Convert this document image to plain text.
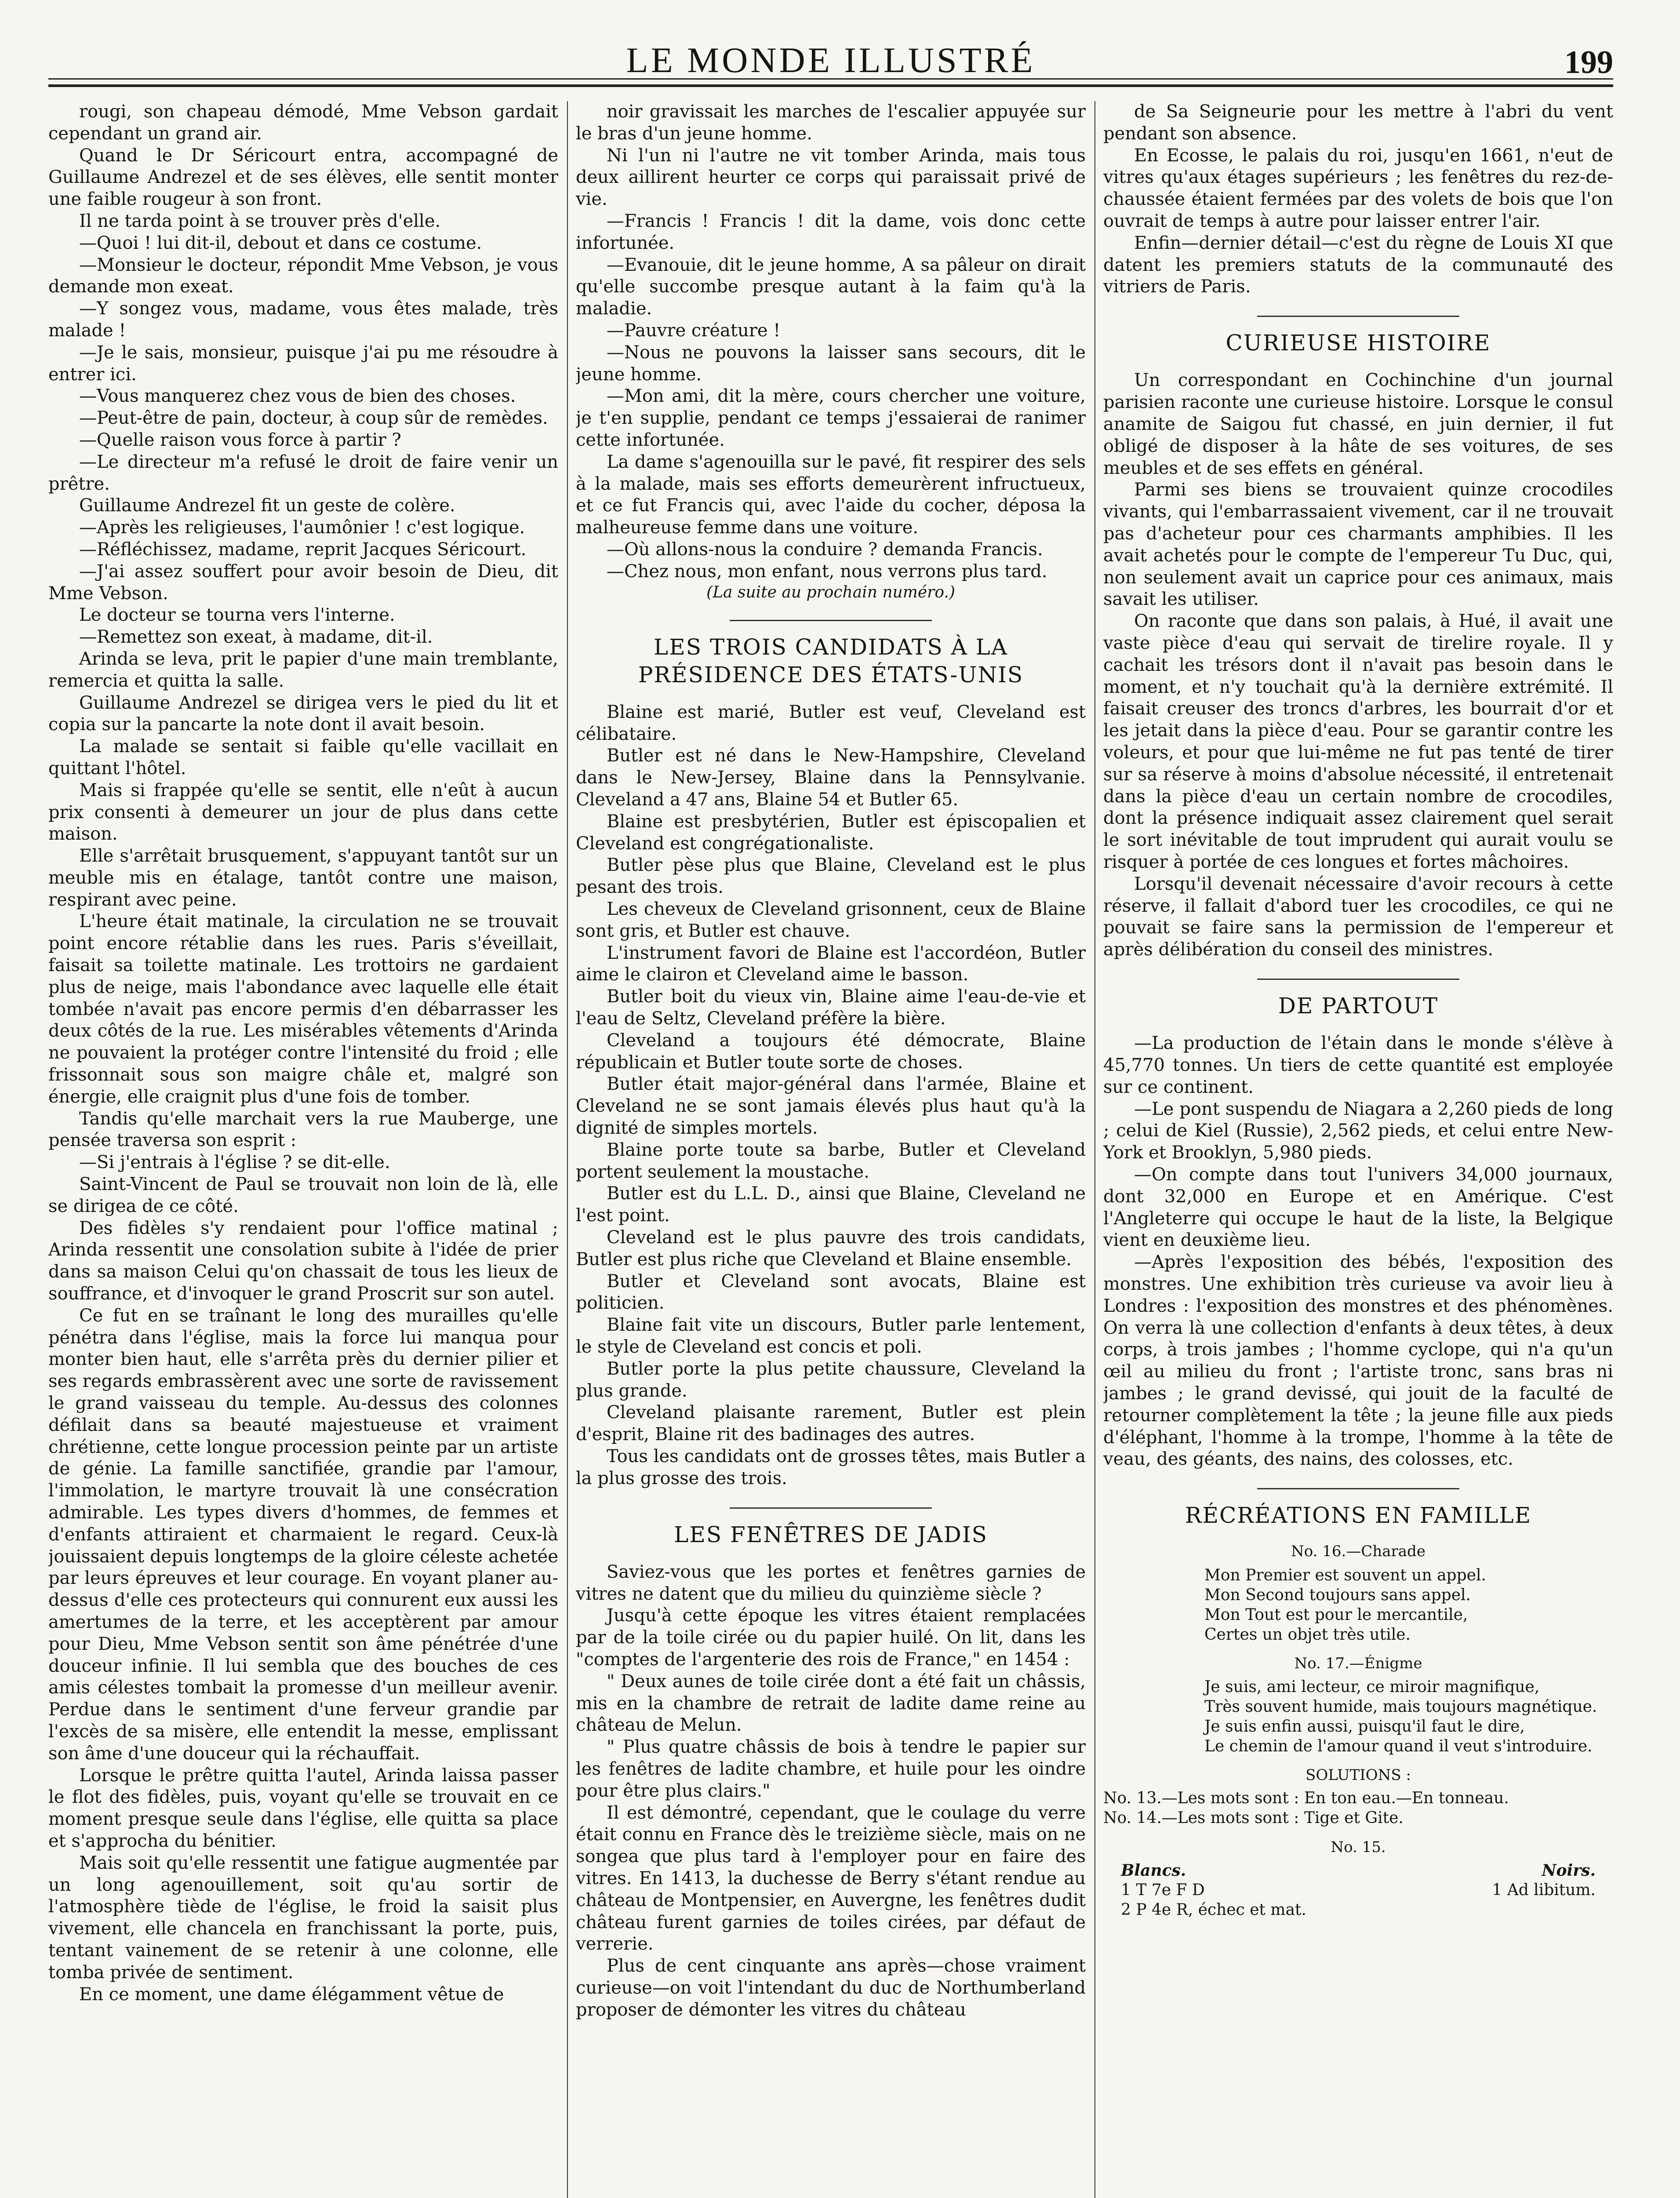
LE MONDE ILLUSTRÉ	199

rougi, son chapeau démodé, Mme Vebson gardait cependant un grand air.

Quand le Dr Séricourt entra, accompagné de Guillaume Andrezel et de ses élèves, elle sentit monter une faible rougeur à son front.

Il ne tarda point à se trouver près d'elle.

—Quoi ! lui dit-il, debout et dans ce costume.

—Monsieur le docteur, répondit Mme Vebson, je vous demande mon exeat.

—Y songez vous, madame, vous êtes malade, très malade !

—Je le sais, monsieur, puisque j'ai pu me résoudre à entrer ici.

—Vous manquerez chez vous de bien des choses.

—Peut-être de pain, docteur, à coup sûr de remèdes.

—Quelle raison vous force à partir ?

—Le directeur m'a refusé le droit de faire venir un prêtre.

Guillaume Andrezel fit un geste de colère.

—Après les religieuses, l'aumônier ! c'est logique.

—Réfléchissez, madame, reprit Jacques Séricourt.

—J'ai assez souffert pour avoir besoin de Dieu, dit Mme Vebson.

Le docteur se tourna vers l'interne.

—Remettez son exeat, à madame, dit-il.

Arinda se leva, prit le papier d'une main tremblante, remercia et quitta la salle.

Guillaume Andrezel se dirigea vers le pied du lit et copia sur la pancarte la note dont il avait besoin.

La malade se sentait si faible qu'elle vacillait en quittant l'hôtel.

Mais si frappée qu'elle se sentit, elle n'eût à aucun prix consenti à demeurer un jour de plus dans cette maison.

Elle s'arrêtait brusquement, s'appuyant tantôt sur un meuble mis en étalage, tantôt contre une maison, respirant avec peine.

L'heure était matinale, la circulation ne se trouvait point encore rétablie dans les rues. Paris s'éveillait, faisait sa toilette matinale. Les trottoirs ne gardaient plus de neige, mais l'abondance avec laquelle elle était tombée n'avait pas encore permis d'en débarrasser les deux côtés de la rue. Les misérables vêtements d'Arinda ne pouvaient la protéger contre l'intensité du froid ; elle frissonnait sous son maigre châle et, malgré son énergie, elle craignit plus d'une fois de tomber.

Tandis qu'elle marchait vers la rue Mauberge, une pensée traversa son esprit :

—Si j'entrais à l'église ? se dit-elle.

Saint-Vincent de Paul se trouvait non loin de là, elle se dirigea de ce côté.

Des fidèles s'y rendaient pour l'office matinal ; Arinda ressentit une consolation subite à l'idée de prier dans sa maison Celui qu'on chassait de tous les lieux de souffrance, et d'invoquer le grand Proscrit sur son autel.

Ce fut en se traînant le long des murailles qu'elle pénétra dans l'église, mais la force lui manqua pour monter bien haut, elle s'arrêta près du dernier pilier et ses regards embrassèrent avec une sorte de ravissement le grand vaisseau du temple. Au-dessus des colonnes défilait dans sa beauté majestueuse et vraiment chrétienne, cette longue procession peinte par un artiste de génie. La famille sanctifiée, grandie par l'amour, l'immolation, le martyre trouvait là une consécration admirable. Les types divers d'hommes, de femmes et d'enfants attiraient et charmaient le regard. Ceux-là jouissaient depuis longtemps de la gloire céleste achetée par leurs épreuves et leur courage. En voyant planer au-dessus d'elle ces protecteurs qui connurent eux aussi les amertumes de la terre, et les acceptèrent par amour pour Dieu, Mme Vebson sentit son âme pénétrée d'une douceur infinie. Il lui sembla que des bouches de ces amis célestes tombait la promesse d'un meilleur avenir. Perdue dans le sentiment d'une ferveur grandie par l'excès de sa misère, elle entendit la messe, emplissant son âme d'une douceur qui la réchauffait.

Lorsque le prêtre quitta l'autel, Arinda laissa passer le flot des fidèles, puis, voyant qu'elle se trouvait en ce moment presque seule dans l'église, elle quitta sa place et s'approcha du bénitier.

Mais soit qu'elle ressentit une fatigue augmentée par un long agenouillement, soit qu'au sortir de l'atmosphère tiède de l'église, le froid la saisit plus vivement, elle chancela en franchissant la porte, puis, tentant vainement de se retenir à une colonne, elle tomba privée de sentiment.

En ce moment, une dame élégamment vêtue de

noir gravissait les marches de l'escalier appuyée sur le bras d'un jeune homme.

Ni l'un ni l'autre ne vit tomber Arinda, mais tous deux aillirent heurter ce corps qui paraissait privé de vie.

—Francis ! Francis ! dit la dame, vois donc cette infortunée.

—Evanouie, dit le jeune homme, A sa pâleur on dirait qu'elle succombe presque autant à la faim qu'à la maladie.

—Pauvre créature !

—Nous ne pouvons la laisser sans secours, dit le jeune homme.

—Mon ami, dit la mère, cours chercher une voiture, je t'en supplie, pendant ce temps j'essaierai de ranimer cette infortunée.

La dame s'agenouilla sur le pavé, fit respirer des sels à la malade, mais ses efforts demeurèrent infructueux, et ce fut Francis qui, avec l'aide du cocher, déposa la malheureuse femme dans une voiture.

—Où allons-nous la conduire ? demanda Francis.

—Chez nous, mon enfant, nous verrons plus tard.

(La suite au prochain numéro.)

LES TROIS CANDIDATS À LA PRÉSIDENCE DES ÉTATS-UNIS

Blaine est marié, Butler est veuf, Cleveland est célibataire.

Butler est né dans le New-Hampshire, Cleveland dans le New-Jersey, Blaine dans la Pennsylvanie. Cleveland a 47 ans, Blaine 54 et Butler 65.

Blaine est presbytérien, Butler est épiscopalien et Cleveland est congrégationaliste.

Butler pèse plus que Blaine, Cleveland est le plus pesant des trois.

Les cheveux de Cleveland grisonnent, ceux de Blaine sont gris, et Butler est chauve.

L'instrument favori de Blaine est l'accordéon, Butler aime le clairon et Cleveland aime le basson.

Butler boit du vieux vin, Blaine aime l'eau-de-vie et l'eau de Seltz, Cleveland préfère la bière.

Cleveland a toujours été démocrate, Blaine républicain et Butler toute sorte de choses.

Butler était major-général dans l'armée, Blaine et Cleveland ne se sont jamais élevés plus haut qu'à la dignité de simples mortels.

Blaine porte toute sa barbe, Butler et Cleveland portent seulement la moustache.

Butler est du L.L. D., ainsi que Blaine, Cleveland ne l'est point.

Cleveland est le plus pauvre des trois candidats, Butler est plus riche que Cleveland et Blaine ensemble.

Butler et Cleveland sont avocats, Blaine est politicien.

Blaine fait vite un discours, Butler parle lentement, le style de Cleveland est concis et poli.

Butler porte la plus petite chaussure, Cleveland la plus grande.

Cleveland plaisante rarement, Butler est plein d'esprit, Blaine rit des badinages des autres.

Tous les candidats ont de grosses têtes, mais Butler a la plus grosse des trois.

LES FENÊTRES DE JADIS

Saviez-vous que les portes et fenêtres garnies de vitres ne datent que du milieu du quinzième siècle ?

Jusqu'à cette époque les vitres étaient remplacées par de la toile cirée ou du papier huilé. On lit, dans les "comptes de l'argenterie des rois de France," en 1454 :

" Deux aunes de toile cirée dont a été fait un châssis, mis en la chambre de retrait de ladite dame reine au château de Melun.

" Plus quatre châssis de bois à tendre le papier sur les fenêtres de ladite chambre, et huile pour les oindre pour être plus clairs."

Il est démontré, cependant, que le coulage du verre était connu en France dès le treizième siècle, mais on ne songea que plus tard à l'employer pour en faire des vitres. En 1413, la duchesse de Berry s'étant rendue au château de Montpensier, en Auvergne, les fenêtres dudit château furent garnies de toiles cirées, par défaut de verrerie.

Plus de cent cinquante ans après—chose vraiment curieuse—on voit l'intendant du duc de Northumberland proposer de démonter les vitres du château

de Sa Seigneurie pour les mettre à l'abri du vent pendant son absence.

En Ecosse, le palais du roi, jusqu'en 1661, n'eut de vitres qu'aux étages supérieurs ; les fenêtres du rez-de-chaussée étaient fermées par des volets de bois que l'on ouvrait de temps à autre pour laisser entrer l'air.

Enfin—dernier détail—c'est du règne de Louis XI que datent les premiers statuts de la communauté des vitriers de Paris.

CURIEUSE HISTOIRE

Un correspondant en Cochinchine d'un journal parisien raconte une curieuse histoire. Lorsque le consul anamite de Saigou fut chassé, en juin dernier, il fut obligé de disposer à la hâte de ses voitures, de ses meubles et de ses effets en général.

Parmi ses biens se trouvaient quinze crocodiles vivants, qui l'embarrassaient vivement, car il ne trouvait pas d'acheteur pour ces charmants amphibies. Il les avait achetés pour le compte de l'empereur Tu Duc, qui, non seulement avait un caprice pour ces animaux, mais savait les utiliser.

On raconte que dans son palais, à Hué, il avait une vaste pièce d'eau qui servait de tirelire royale. Il y cachait les trésors dont il n'avait pas besoin dans le moment, et n'y touchait qu'à la dernière extrémité. Il faisait creuser des troncs d'arbres, les bourrait d'or et les jetait dans la pièce d'eau. Pour se garantir contre les voleurs, et pour que lui-même ne fut pas tenté de tirer sur sa réserve à moins d'absolue nécessité, il entretenait dans la pièce d'eau un certain nombre de crocodiles, dont la présence indiquait assez clairement quel serait le sort inévitable de tout imprudent qui aurait voulu se risquer à portée de ces longues et fortes mâchoires.

Lorsqu'il devenait nécessaire d'avoir recours à cette réserve, il fallait d'abord tuer les crocodiles, ce qui ne pouvait se faire sans la permission de l'empereur et après délibération du conseil des ministres.

DE PARTOUT

—La production de l'étain dans le monde s'élève à 45,770 tonnes. Un tiers de cette quantité est employée sur ce continent.

—Le pont suspendu de Niagara a 2,260 pieds de long ; celui de Kiel (Russie), 2,562 pieds, et celui entre New-York et Brooklyn, 5,980 pieds.

—On compte dans tout l'univers 34,000 journaux, dont 32,000 en Europe et en Amérique. C'est l'Angleterre qui occupe le haut de la liste, la Belgique vient en deuxième lieu.

—Après l'exposition des bébés, l'exposition des monstres. Une exhibition très curieuse va avoir lieu à Londres : l'exposition des monstres et des phénomènes. On verra là une collection d'enfants à deux têtes, à deux corps, à trois jambes ; l'homme cyclope, qui n'a qu'un œil au milieu du front ; l'artiste tronc, sans bras ni jambes ; le grand devissé, qui jouit de la faculté de retourner complètement la tête ; la jeune fille aux pieds d'éléphant, l'homme à la trompe, l'homme à la tête de veau, des géants, des nains, des colosses, etc.

RÉCRÉATIONS EN FAMILLE

No. 16.—Charade

Mon Premier est souvent un appel.

Mon Second toujours sans appel.

Mon Tout est pour le mercantile,

Certes un objet très utile.

No. 17.—Énigme

Je suis, ami lecteur, ce miroir magnifique,

Très souvent humide, mais toujours magnétique.

Je suis enfin aussi, puisqu'il faut le dire,

Le chemin de l'amour quand il veut s'introduire.

SOLUTIONS :

No. 13.—Les mots sont : En ton eau.—En tonneau.

No. 14.—Les mots sont : Tige et Gite.

No. 15.

Blancs.

1 T 7e F D

2 P 4e R, échec et mat.

Noirs.

1 Ad libitum.
